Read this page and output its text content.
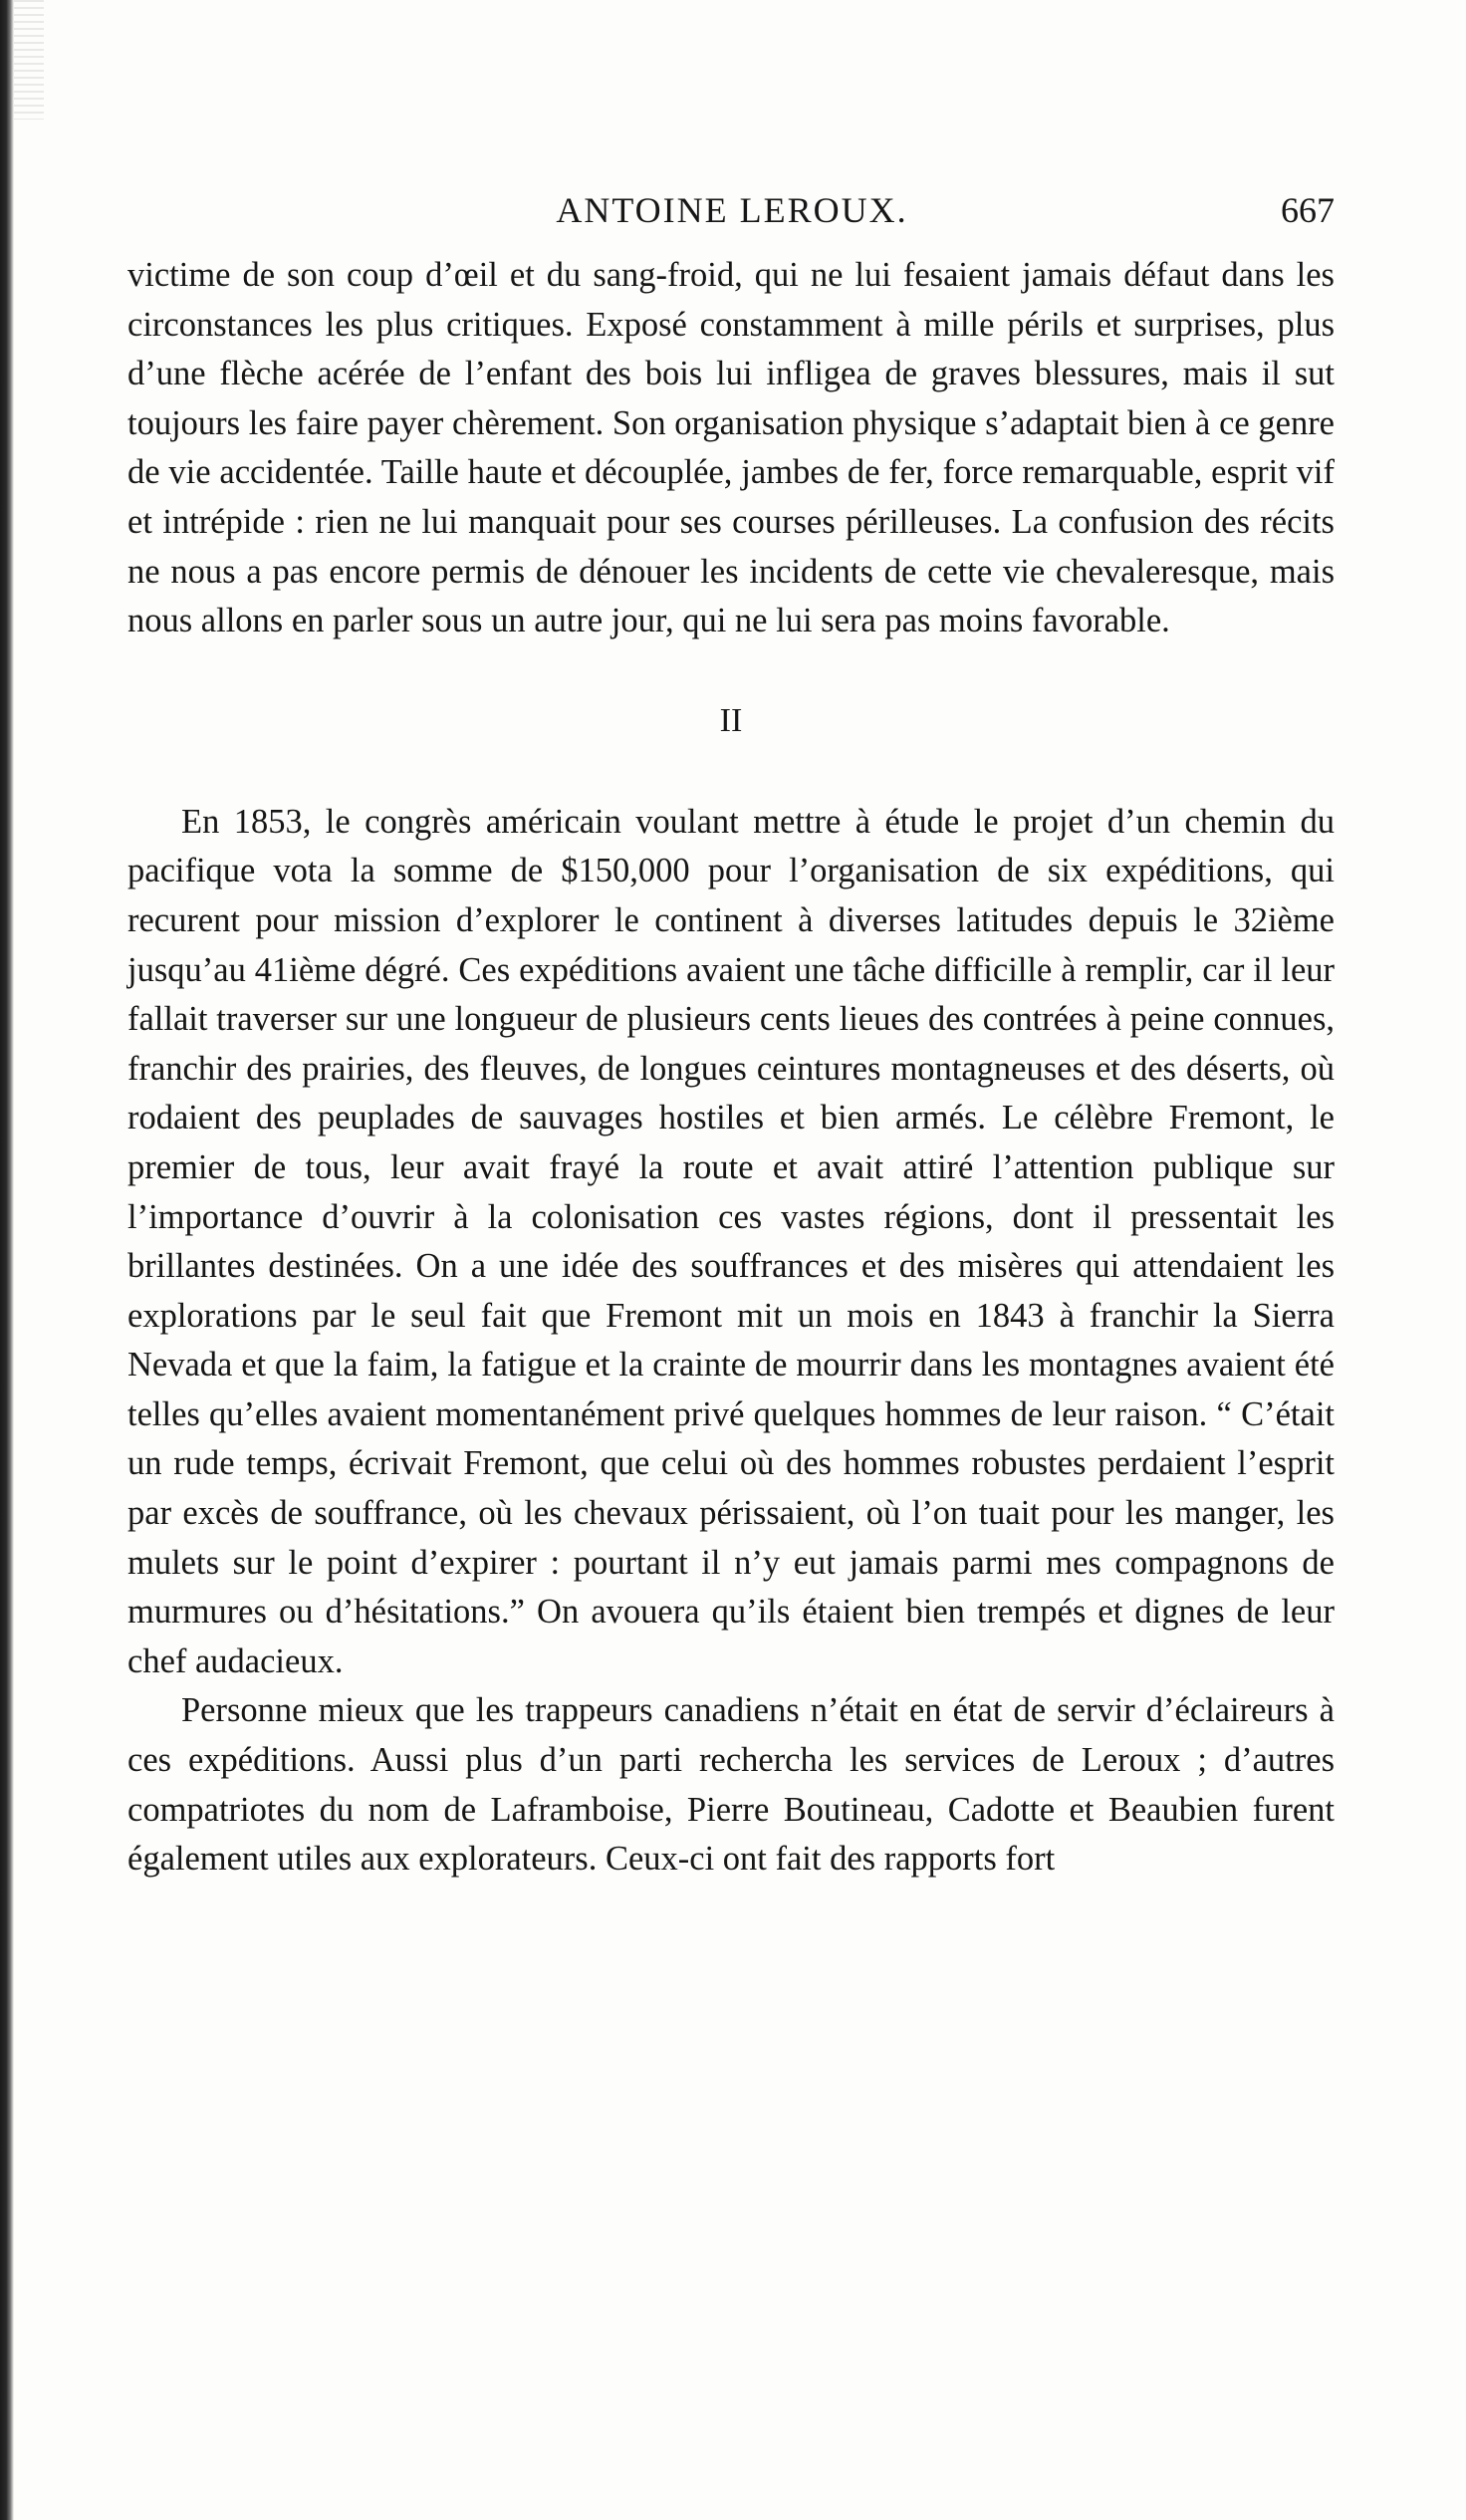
ANTOINE LEROUX.	667

victime de son coup d’œil et du sang-froid, qui ne lui fesaient jamais défaut dans les circonstances les plus critiques. Exposé constamment à mille périls et surprises, plus d’une flèche acérée de l’enfant des bois lui infligea de graves blessures, mais il sut toujours les faire payer chèrement. Son organisation physique s’adaptait bien à ce genre de vie accidentée. Taille haute et découplée, jambes de fer, force remarquable, esprit vif et intrépide : rien ne lui manquait pour ses courses périlleuses. La confusion des récits ne nous a pas encore permis de dénouer les incidents de cette vie chevaleresque, mais nous allons en parler sous un autre jour, qui ne lui sera pas moins favorable.

II

En 1853, le congrès américain voulant mettre à étude le projet d’un chemin du pacifique vota la somme de $150,000 pour l’organisation de six expéditions, qui recurent pour mission d’explorer le continent à diverses latitudes depuis le 32ième jusqu’au 41ième dégré. Ces expéditions avaient une tâche difficille à remplir, car il leur fallait traverser sur une longueur de plusieurs cents lieues des contrées à peine connues, franchir des prairies, des fleuves, de longues ceintures montagneuses et des déserts, où rodaient des peuplades de sauvages hostiles et bien armés. Le célèbre Fremont, le premier de tous, leur avait frayé la route et avait attiré l’attention publique sur l’importance d’ouvrir à la colonisation ces vastes régions, dont il pressentait les brillantes destinées. On a une idée des souffrances et des misères qui attendaient les explorations par le seul fait que Fremont mit un mois en 1843 à franchir la Sierra Nevada et que la faim, la fatigue et la crainte de mourrir dans les montagnes avaient été telles qu’elles avaient momentanément privé quelques hommes de leur raison. “ C’était un rude temps, écrivait Fremont, que celui où des hommes robustes perdaient l’esprit par excès de souffrance, où les chevaux périssaient, où l’on tuait pour les manger, les mulets sur le point d’expirer : pourtant il n’y eut jamais parmi mes compagnons de murmures ou d’hésitations.” On avouera qu’ils étaient bien trempés et dignes de leur chef audacieux.

Personne mieux que les trappeurs canadiens n’était en état de servir d’éclaireurs à ces expéditions. Aussi plus d’un parti rechercha les services de Leroux ; d’autres compatriotes du nom de Laframboise, Pierre Boutineau, Cadotte et Beaubien furent également utiles aux explorateurs. Ceux-ci ont fait des rapports fort
